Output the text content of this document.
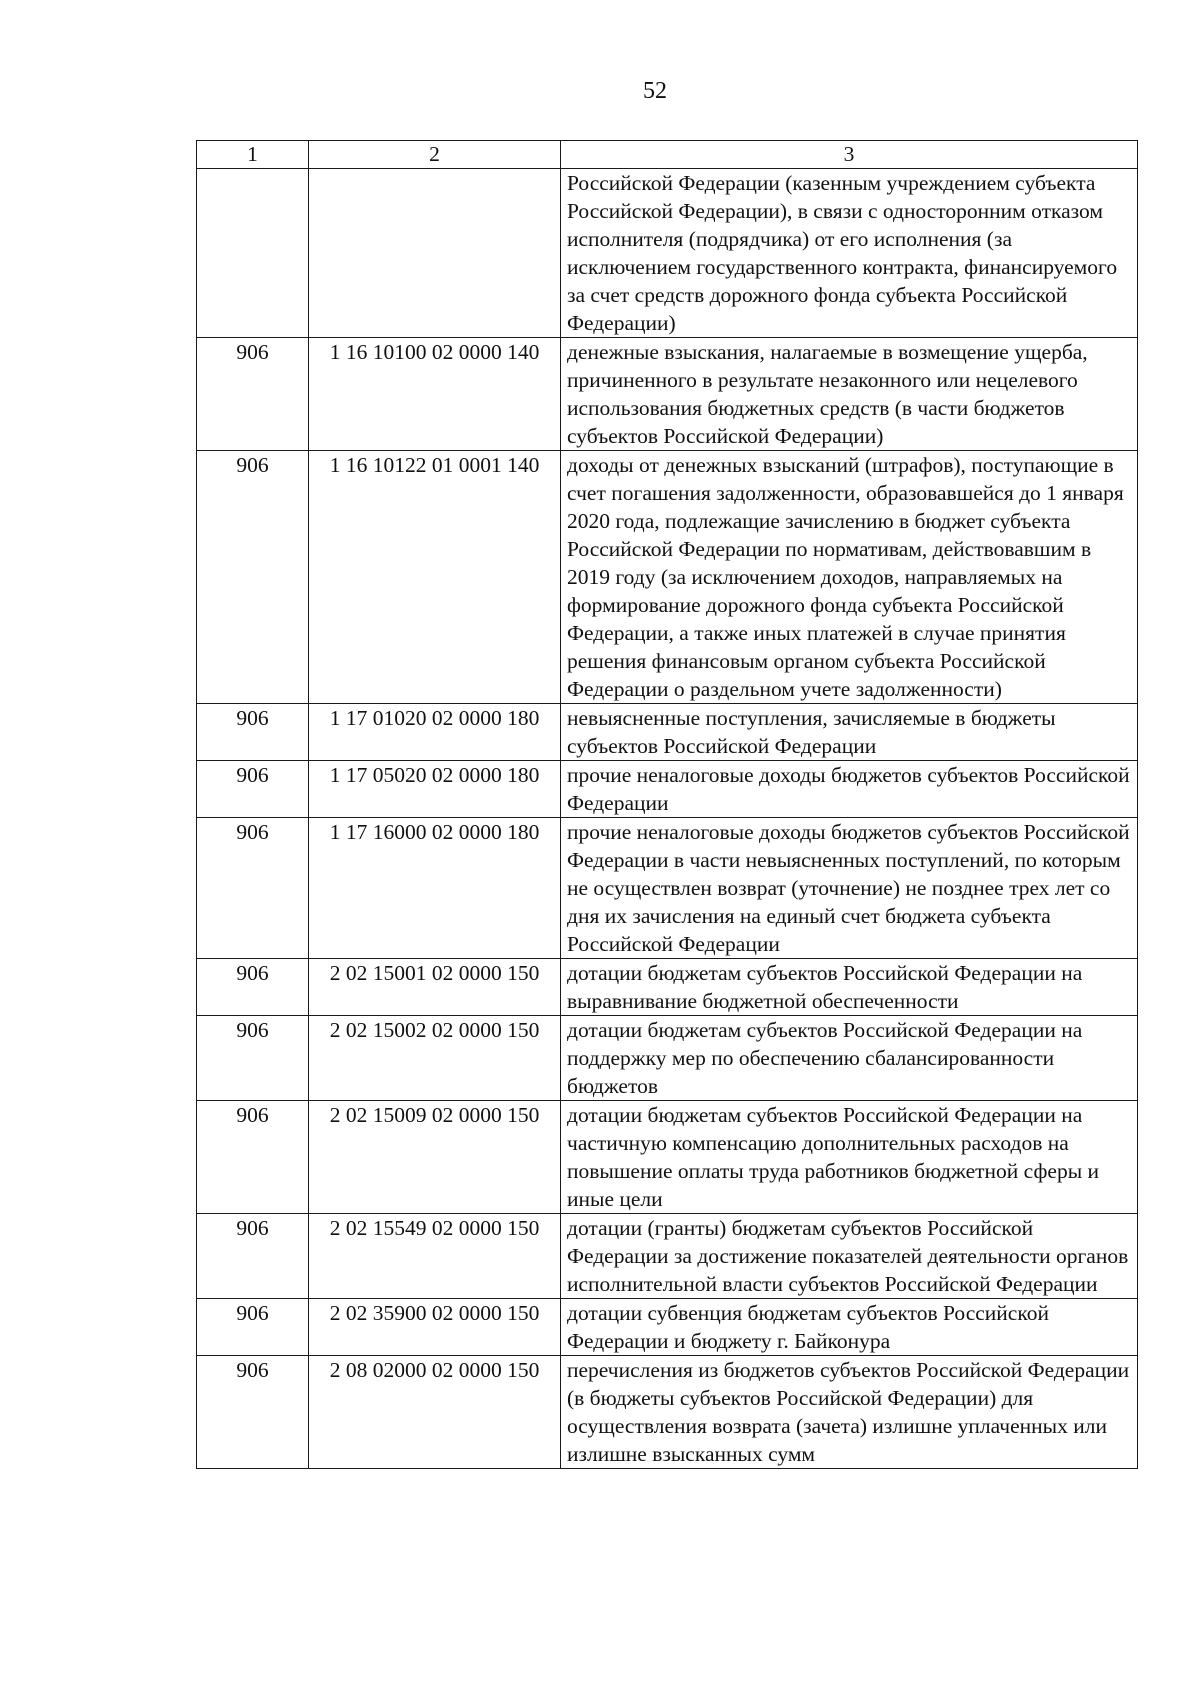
52
1	2	3
		Российской Федерации (казенным учреждением субъекта Российской Федерации), в связи с односторонним отказом исполнителя (подрядчика) от его исполнения (за исключением государственного контракта, финансируемого за счет средств дорожного фонда субъекта Российской Федерации)
906	1 16 10100 02 0000 140	денежные взыскания, налагаемые в возмещение ущерба, причиненного в результате незаконного или нецелевого использования бюджетных средств (в части бюджетов субъектов Российской Федерации)
906	1 16 10122 01 0001 140	доходы от денежных взысканий (штрафов), поступающие в счет погашения задолженности, образовавшейся до 1 января 2020 года, подлежащие зачислению в бюджет субъекта Российской Федерации по нормативам, действовавшим в 2019 году (за исключением доходов, направляемых на формирование дорожного фонда субъекта Российской Федерации, а также иных платежей в случае принятия решения финансовым органом субъекта Российской Федерации о раздельном учете задолженности)
906	1 17 01020 02 0000 180	невыясненные поступления, зачисляемые в бюджеты субъектов Российской Федерации
906	1 17 05020 02 0000 180	прочие неналоговые доходы бюджетов субъектов Российской Федерации
906	1 17 16000 02 0000 180	прочие неналоговые доходы бюджетов субъектов Российской Федерации в части невыясненных поступлений, по которым не осуществлен возврат (уточнение) не позднее трех лет со дня их зачисления на единый счет бюджета субъекта Российской Федерации
906	2 02 15001 02 0000 150	дотации бюджетам субъектов Российской Федерации на выравнивание бюджетной обеспеченности
906	2 02 15002 02 0000 150	дотации бюджетам субъектов Российской Федерации на поддержку мер по обеспечению сбалансированности бюджетов
906	2 02 15009 02 0000 150	дотации бюджетам субъектов Российской Федерации на частичную компенсацию дополнительных расходов на повышение оплаты труда работников бюджетной сферы и иные цели
906	2 02 15549 02 0000 150	дотации (гранты) бюджетам субъектов Российской Федерации за достижение показателей деятельности органов исполнительной власти субъектов Российской Федерации
906	2 02 35900 02 0000 150	дотации субвенция бюджетам субъектов Российской Федерации и бюджету г. Байконура
906	2 08 02000 02 0000 150	перечисления из бюджетов субъектов Российской Федерации (в бюджеты субъектов Российской Федерации) для осуществления возврата (зачета) излишне уплаченных или излишне взысканных сумм
